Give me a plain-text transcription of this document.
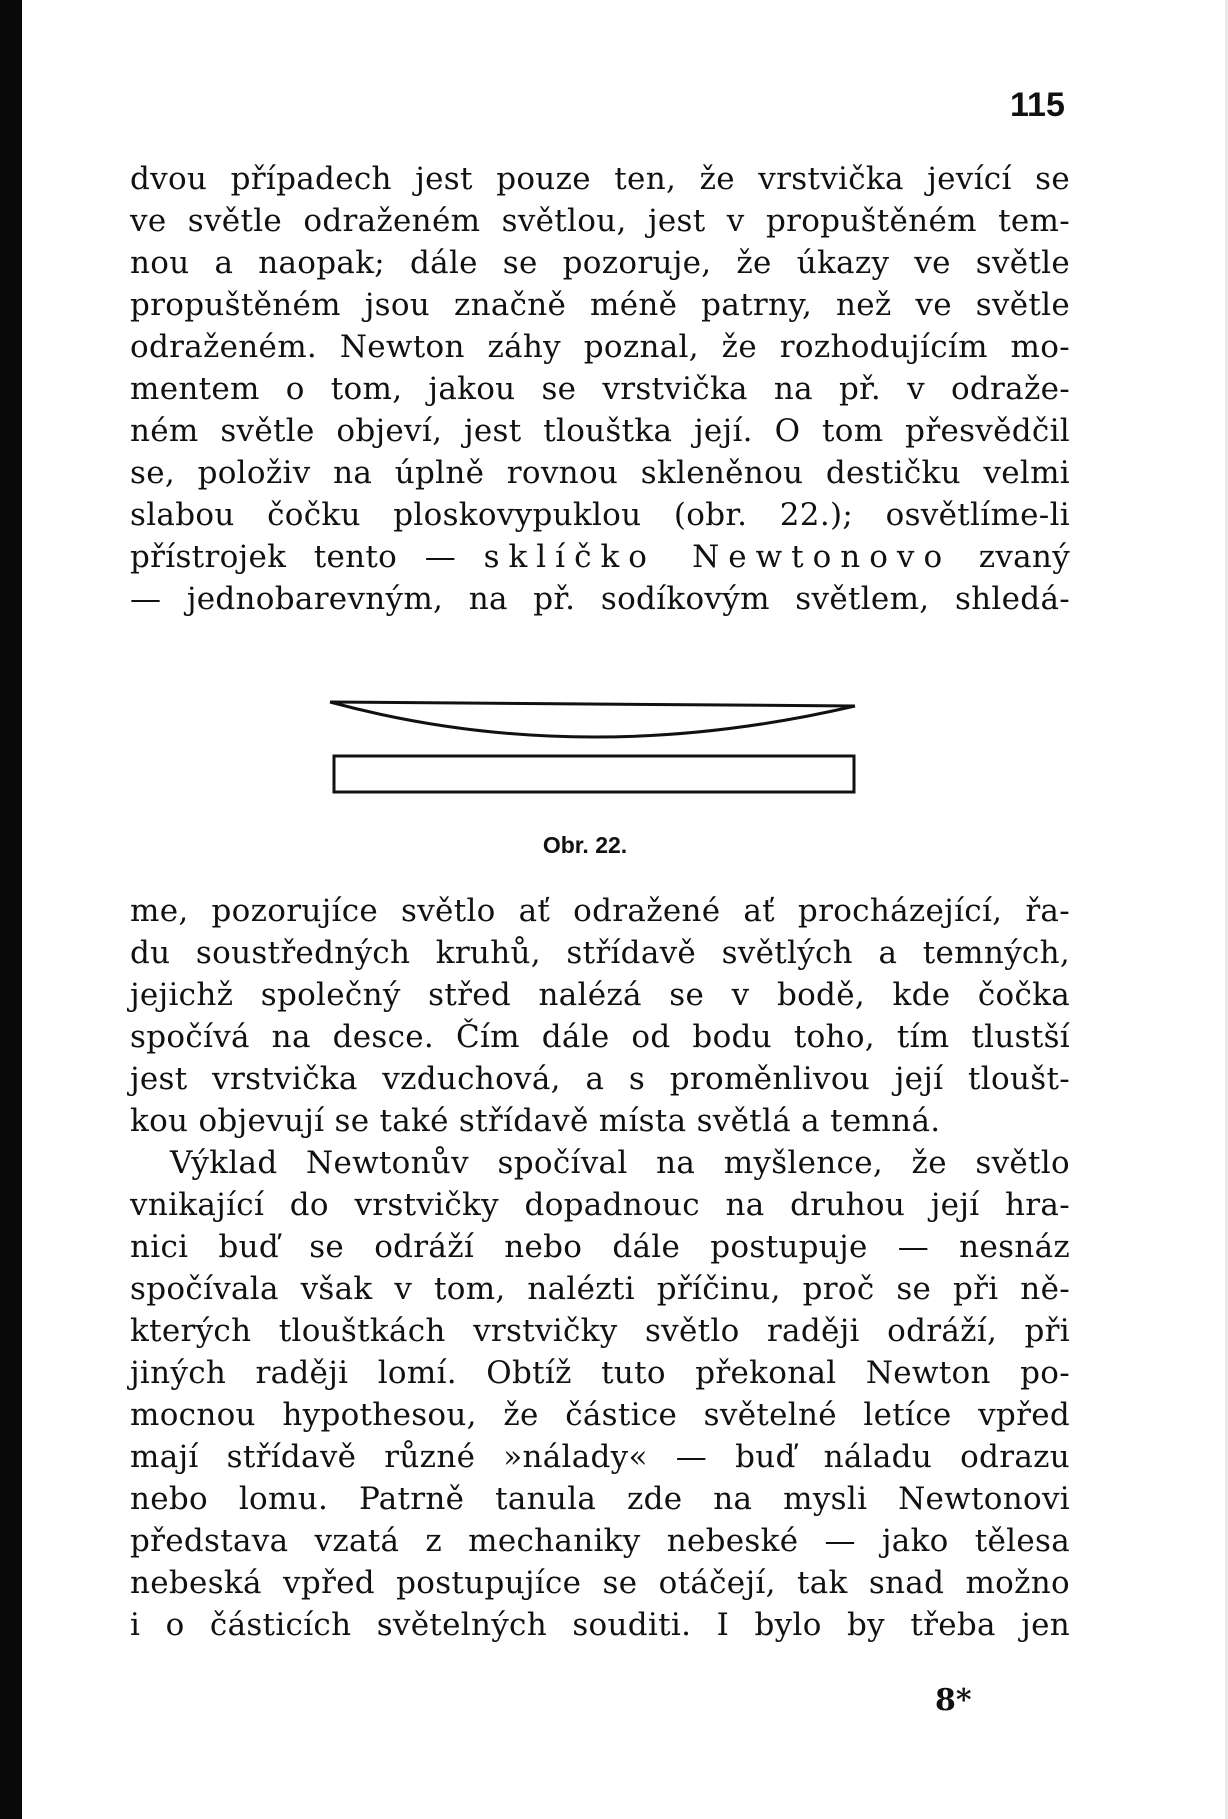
115
dvou případech jest pouze ten, že vrstvička jevící se
ve světle odraženém světlou, jest v propuštěném tem-
nou a naopak; dále se pozoruje, že úkazy ve světle
propuštěném jsou značně méně patrny, než ve světle
odraženém. Newton záhy poznal, že rozhodujícím mo-
mentem o tom, jakou se vrstvička na př. v odraže-
ném světle objeví, jest tlouštka její. O tom přesvědčil
se, položiv na úplně rovnou skleněnou destičku velmi
slabou čočku ploskovypuklou (obr. 22.); osvětlíme-li
přístrojek tento — sklíčko Newtonovo zvaný
— jednobarevným, na př. sodíkovým světlem, shledá-
Obr. 22.
me, pozorujíce světlo ať odražené ať procházející, řa-
du soustředných kruhů, střídavě světlých a temných,
jejichž společný střed nalézá se v bodě, kde čočka
spočívá na desce. Čím dále od bodu toho, tím tlustší
jest vrstvička vzduchová, a s proměnlivou její tloušt-
kou objevují se také střídavě místa světlá a temná.
Výklad Newtonův spočíval na myšlence, že světlo
vnikající do vrstvičky dopadnouc na druhou její hra-
nici buď se odráží nebo dále postupuje — nesnáz
spočívala však v tom, nalézti příčinu, proč se při ně-
kterých tlouštkách vrstvičky světlo raději odráží, při
jiných raději lomí. Obtíž tuto překonal Newton po-
mocnou hypothesou, že částice světelné letíce vpřed
mají střídavě různé »nálady« — buď náladu odrazu
nebo lomu. Patrně tanula zde na mysli Newtonovi
představa vzatá z mechaniky nebeské — jako tělesa
nebeská vpřed postupujíce se otáčejí, tak snad možno
i o částicích světelných souditi. I bylo by třeba jen
8*
